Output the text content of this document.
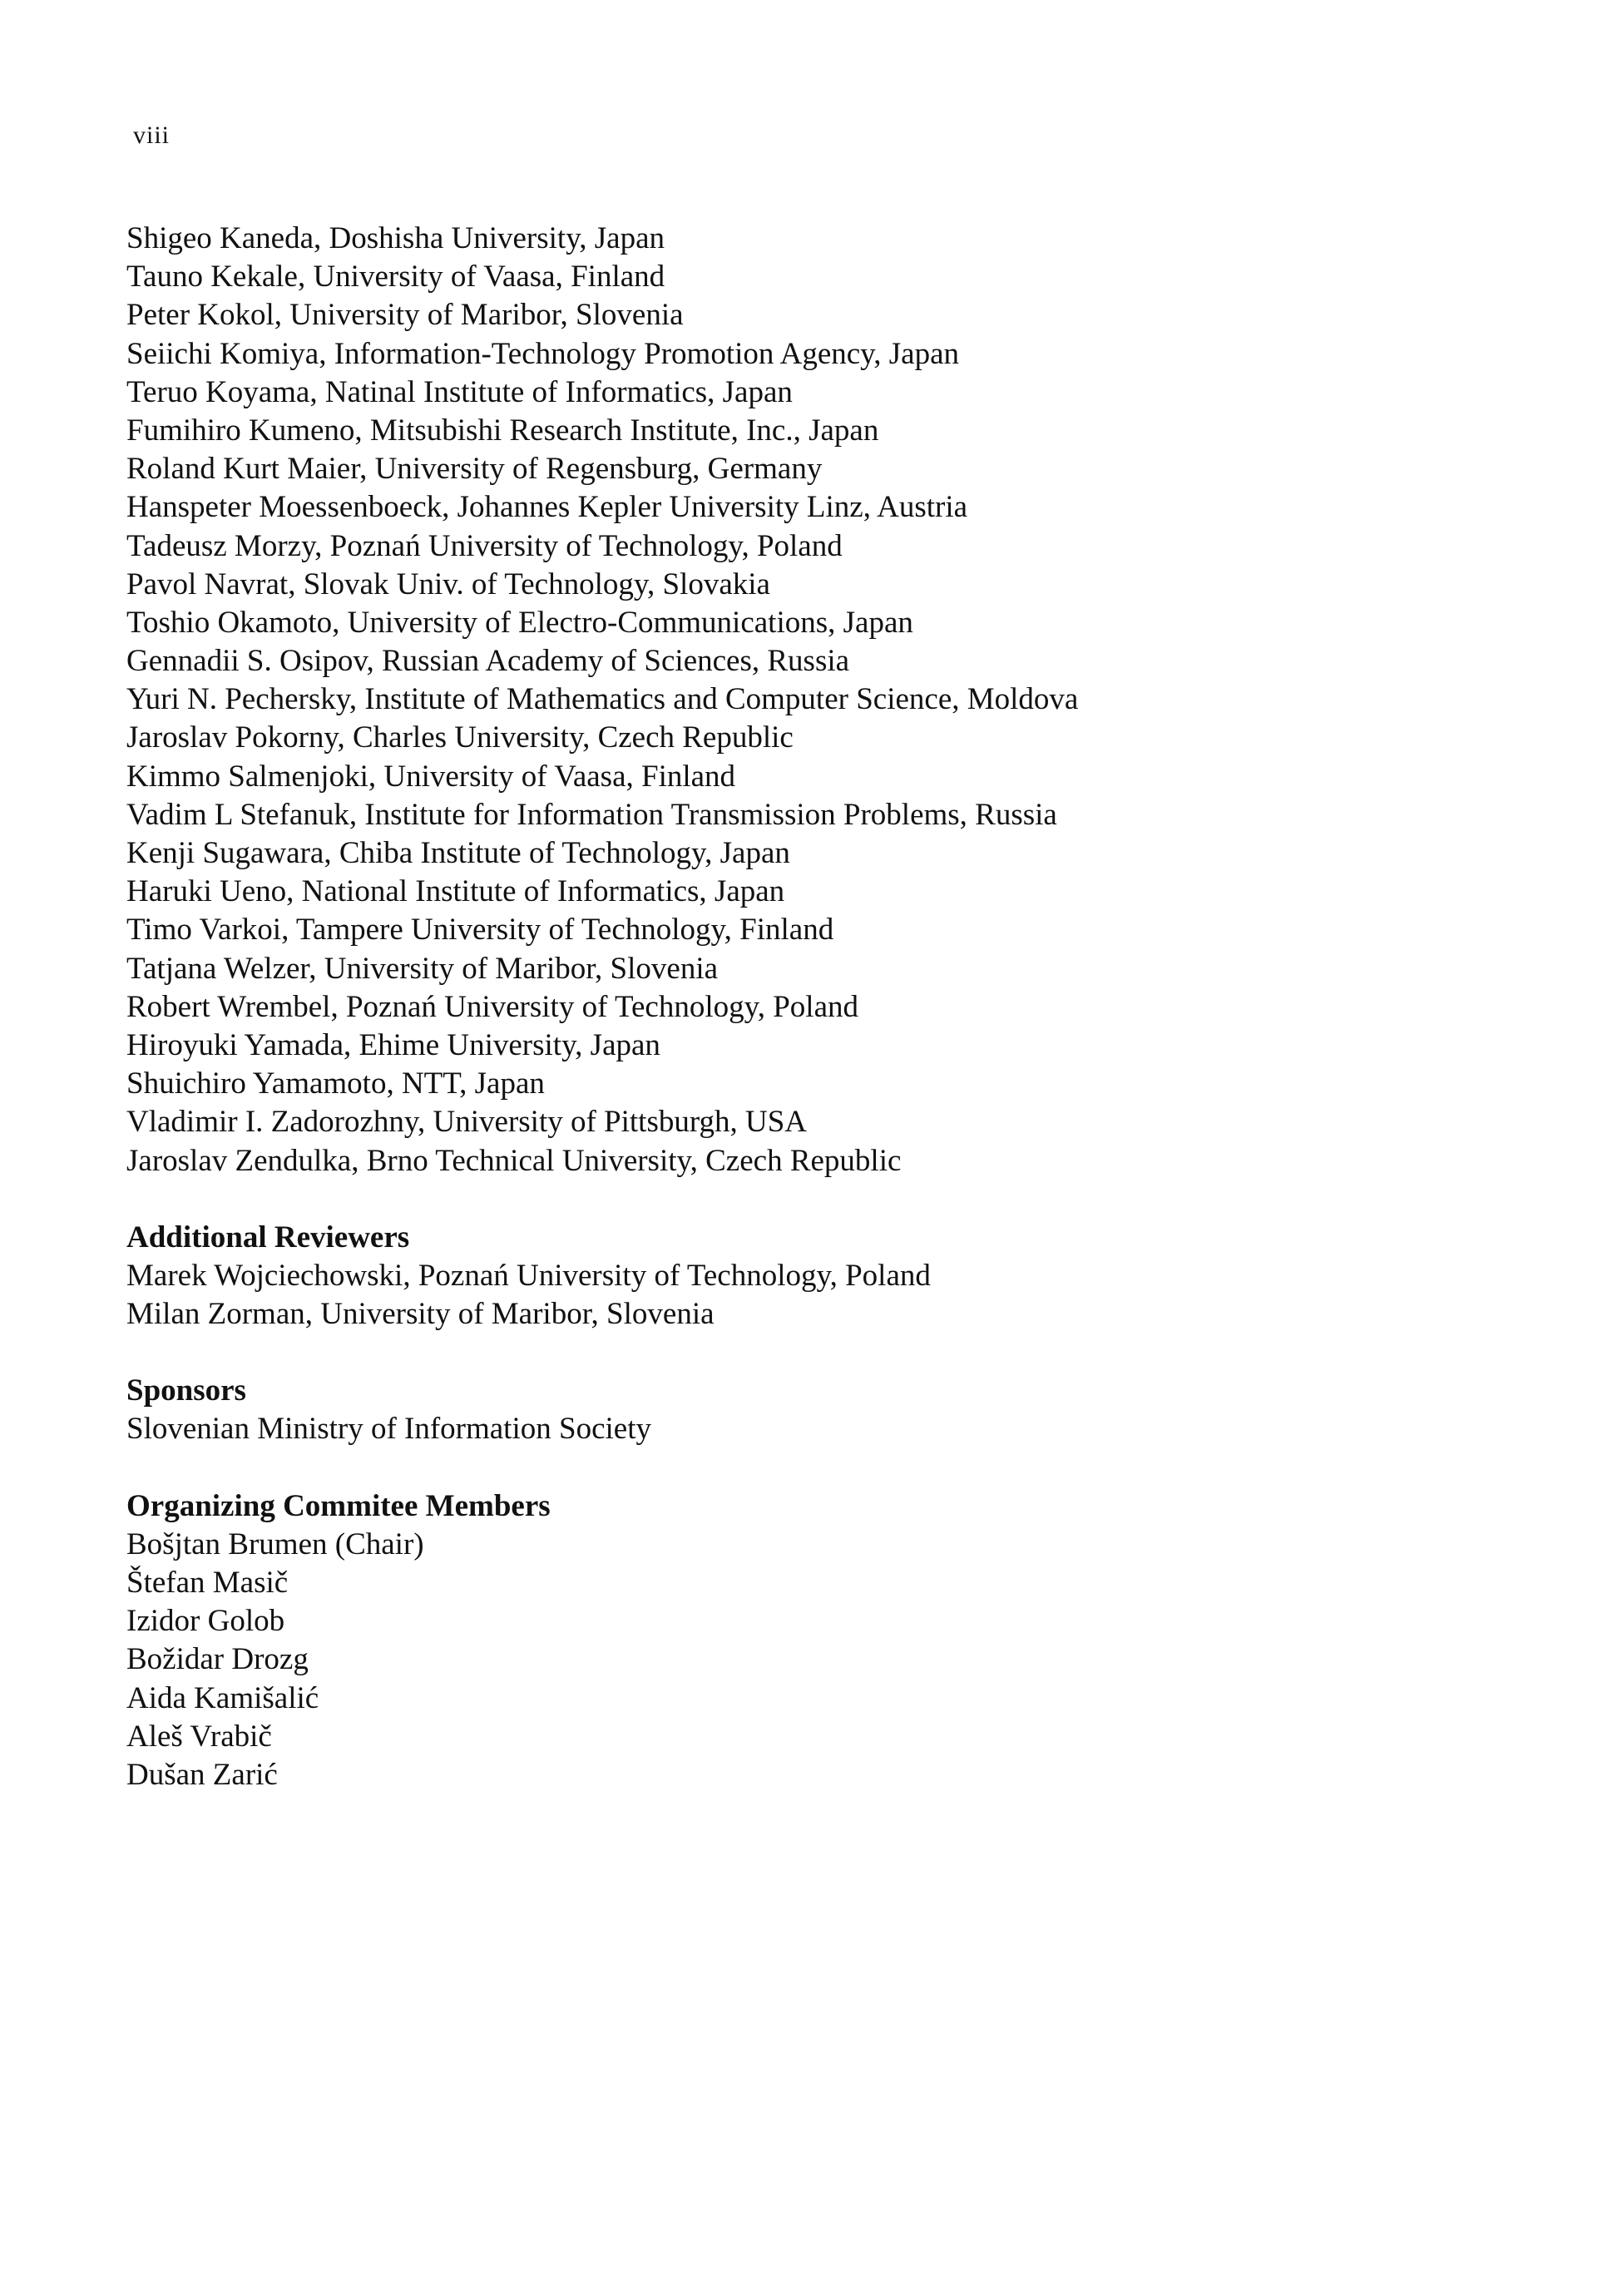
viii
Shigeo Kaneda, Doshisha University, Japan
Tauno Kekale, University of Vaasa, Finland
Peter Kokol, University of Maribor, Slovenia
Seiichi Komiya, Information-Technology Promotion Agency, Japan
Teruo Koyama, Natinal Institute of Informatics, Japan
Fumihiro Kumeno, Mitsubishi Research Institute, Inc., Japan
Roland Kurt Maier, University of Regensburg, Germany
Hanspeter Moessenboeck, Johannes Kepler University Linz, Austria
Tadeusz Morzy, Poznań University of Technology, Poland
Pavol Navrat, Slovak Univ. of Technology, Slovakia
Toshio Okamoto, University of Electro-Communications, Japan
Gennadii S. Osipov, Russian Academy of Sciences, Russia
Yuri N. Pechersky, Institute of Mathematics and Computer Science, Moldova
Jaroslav Pokorny, Charles University, Czech Republic
Kimmo Salmenjoki, University of Vaasa, Finland
Vadim L Stefanuk, Institute for Information Transmission Problems, Russia
Kenji Sugawara, Chiba Institute of Technology, Japan
Haruki Ueno, National Institute of Informatics, Japan
Timo Varkoi, Tampere University of Technology, Finland
Tatjana Welzer, University of Maribor, Slovenia
Robert Wrembel, Poznań University of Technology, Poland
Hiroyuki Yamada, Ehime University, Japan
Shuichiro Yamamoto, NTT, Japan
Vladimir I. Zadorozhny, University of Pittsburgh, USA
Jaroslav Zendulka, Brno Technical University, Czech Republic
Additional Reviewers
Marek Wojciechowski, Poznań University of Technology, Poland
Milan Zorman, University of Maribor, Slovenia
Sponsors
Slovenian Ministry of Information Society
Organizing Commitee Members
Bošjtan Brumen (Chair)
Štefan Masič
Izidor Golob
Božidar Drozg
Aida Kamišalić
Aleš Vrabič
Dušan Zarić
